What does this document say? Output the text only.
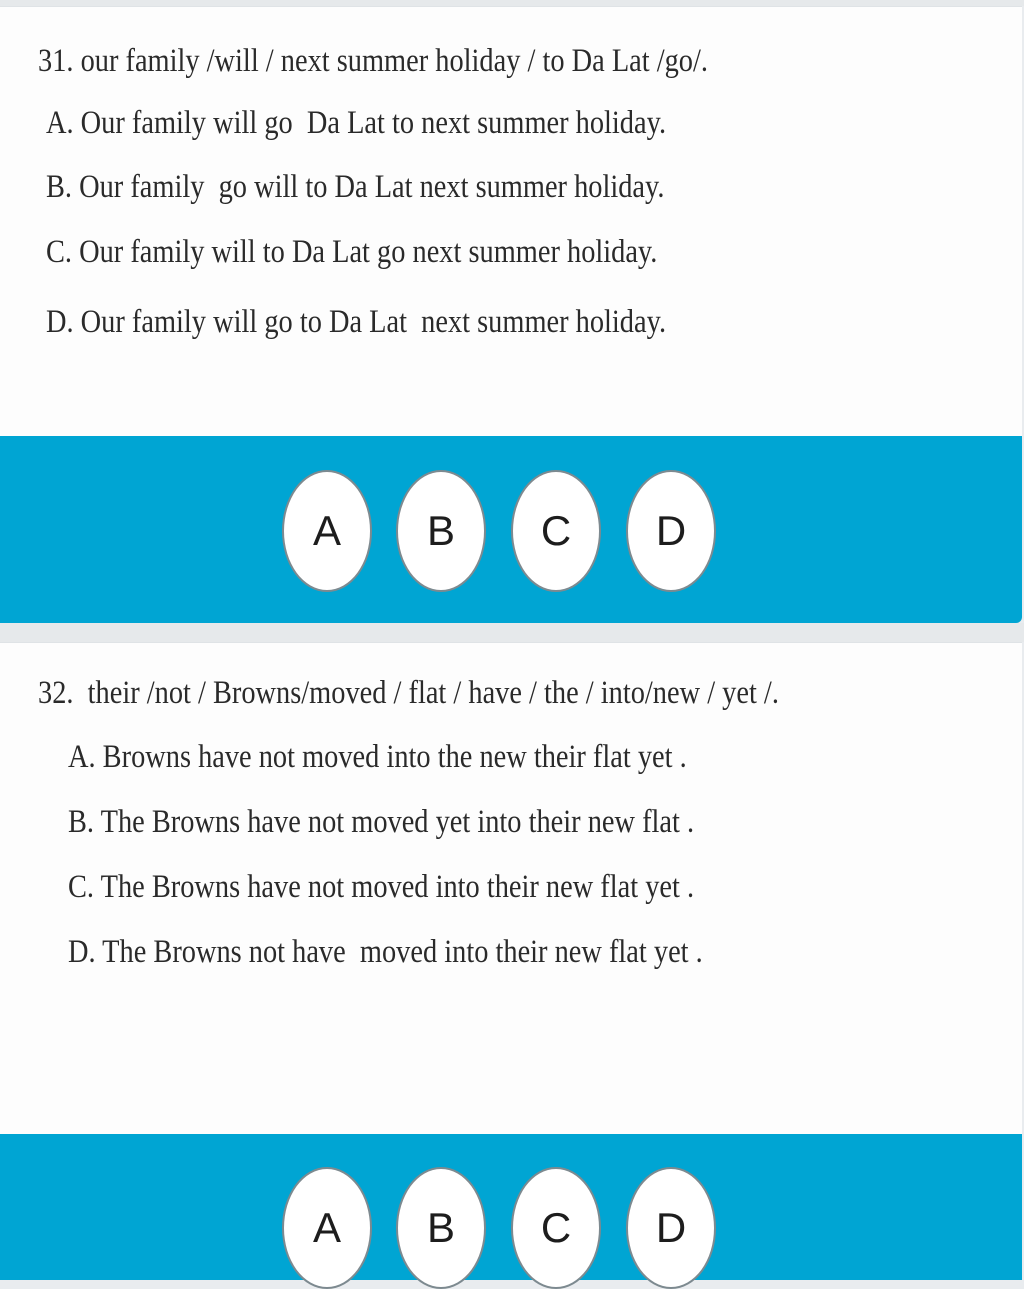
31. our family /will / next summer holiday / to Da Lat /go/.

A. Our family will go  Da Lat to next summer holiday.

B. Our family  go will to Da Lat next summer holiday.

C. Our family will to Da Lat go next summer holiday.

D. Our family will go to Da Lat  next summer holiday.

A	B	C	D

32.  their /not / Browns/moved / flat / have / the / into/new / yet /.

A. Browns have not moved into the new their flat yet .

B. The Browns have not moved yet into their new flat .

C. The Browns have not moved into their new flat yet .

D. The Browns not have  moved into their new flat yet .

A	B	C	D
